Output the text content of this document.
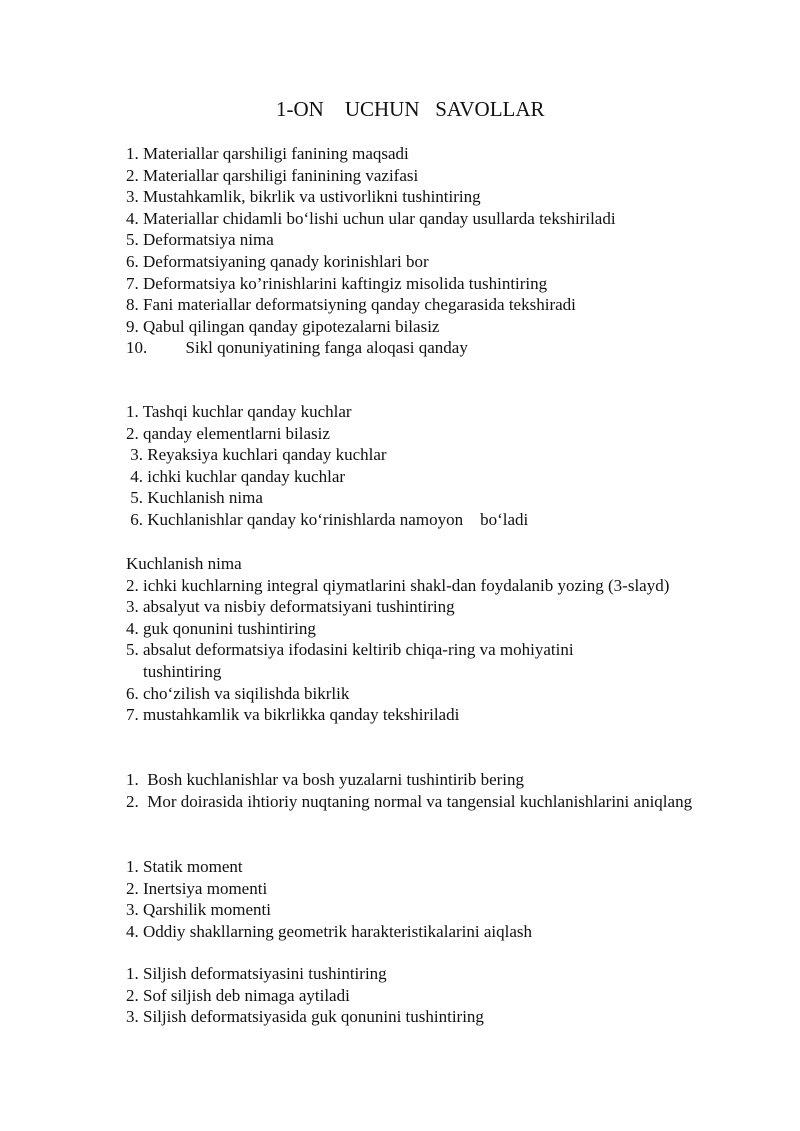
1-ON    UCHUN   SAVOLLAR
1. Materiallar qarshiligi fanining maqsadi
2. Materiallar qarshiligi faninining vazifasi
3. Mustahkamlik, bikrlik va ustivorlikni tushintiring
4. Materiallar chidamli boʻlishi uchun ular qanday usullarda tekshiriladi
5. Deformatsiya nima
6. Deformatsiyaning qanady korinishlari bor
7. Deformatsiya ko’rinishlarini kaftingiz misolida tushintiring
8. Fani materiallar deformatsiyning qanday chegarasida tekshiradi
9. Qabul qilingan qanday gipotezalarni bilasiz
10.         Sikl qonuniyatining fanga aloqasi qanday
1. Tashqi kuchlar qanday kuchlar
2. qanday elementlarni bilasiz
3. Reyaksiya kuchlari qanday kuchlar
4. ichki kuchlar qanday kuchlar
5. Kuchlanish nima
6. Kuchlanishlar qanday koʻrinishlarda namoyon    boʻladi
Kuchlanish nima
2. ichki kuchlarning integral qiymatlarini shakl-dan foydalanib yozing (3-slayd)
3. absalyut va nisbiy deformatsiyani tushintiring
4. guk qonunini tushintiring
5. absalut deformatsiya ifodasini keltirib chiqa-ring va mohiyatini tushintiring
6. choʻzilish va siqilishda bikrlik
7. mustahkamlik va bikrlikka qanday tekshiriladi
1. Bosh kuchlanishlar va bosh yuzalarni tushintirib bering
2. Mor doirasida ihtioriy nuqtaning normal va tangensial kuchlanishlarini aniqlang
1. Statik moment
2. Inertsiya momenti
3. Qarshilik momenti
4. Oddiy shakllarning geometrik harakteristikalarini aiqlash
1. Siljish deformatsiyasini tushintiring
2. Sof siljish deb nimaga aytiladi
3. Siljish deformatsiyasida guk qonunini tushintiring
